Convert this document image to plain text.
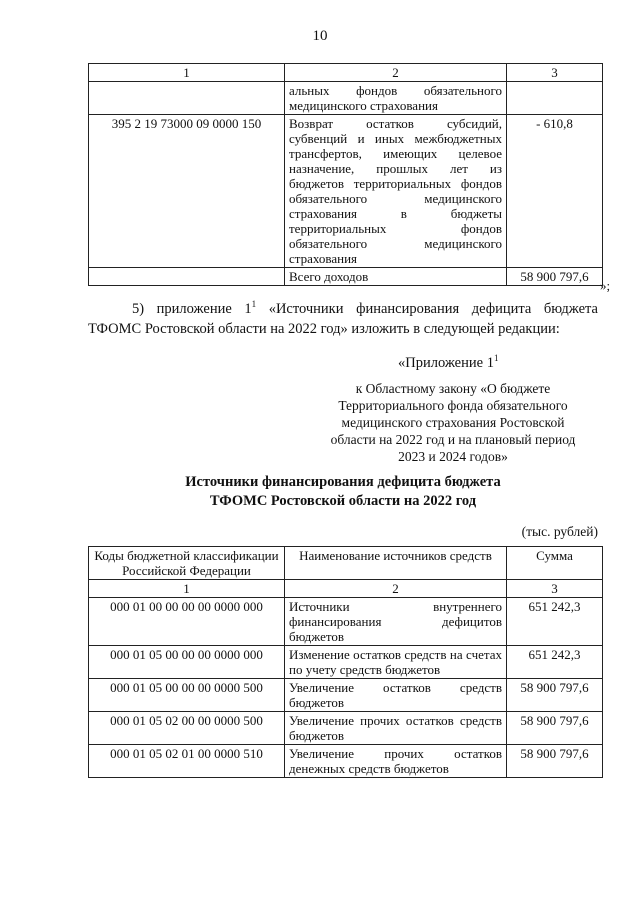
10
1	2	3
	альных фондов обязательного медицинского страхования	
395 2 19 73000 09 0000 150	Возврат остатков субсидий, субвенций и иных межбюджетных трансфертов, имеющих целевое назначение, прошлых лет из бюджетов территориальных фондов обязательного медицинского страхования в бюджеты территориальных фондов обязательного медицинского страхования	- 610,8
	Всего доходов	58 900 797,6
»;
5) приложение $1^1$ «Источники финансирования дефицита бюджета ТФОМС Ростовской области на 2022 год» изложить в следующей редакции:
«Приложение $1^1$
к Областному закону «О бюджете Территориального фонда обязательного медицинского страхования Ростовской области на 2022 год и на плановый период 2023 и 2024 годов»
Источники финансирования дефицита бюджета
ТФОМС Ростовской области на 2022 год
(тыс. рублей)
Коды бюджетной классификации Российской Федерации	Наименование источников средств	Сумма
1	2	3
000 01 00 00 00 00 0000 000	Источники внутреннего финансирования дефицитов бюджетов	651 242,3
000 01 05 00 00 00 0000 000	Изменение остатков средств на счетах по учету средств бюджетов	651 242,3
000 01 05 00 00 00 0000 500	Увеличение остатков средств бюджетов	58 900 797,6
000 01 05 02 00 00 0000 500	Увеличение прочих остатков средств бюджетов	58 900 797,6
000 01 05 02 01 00 0000 510	Увеличение прочих остатков денежных средств бюджетов	58 900 797,6
